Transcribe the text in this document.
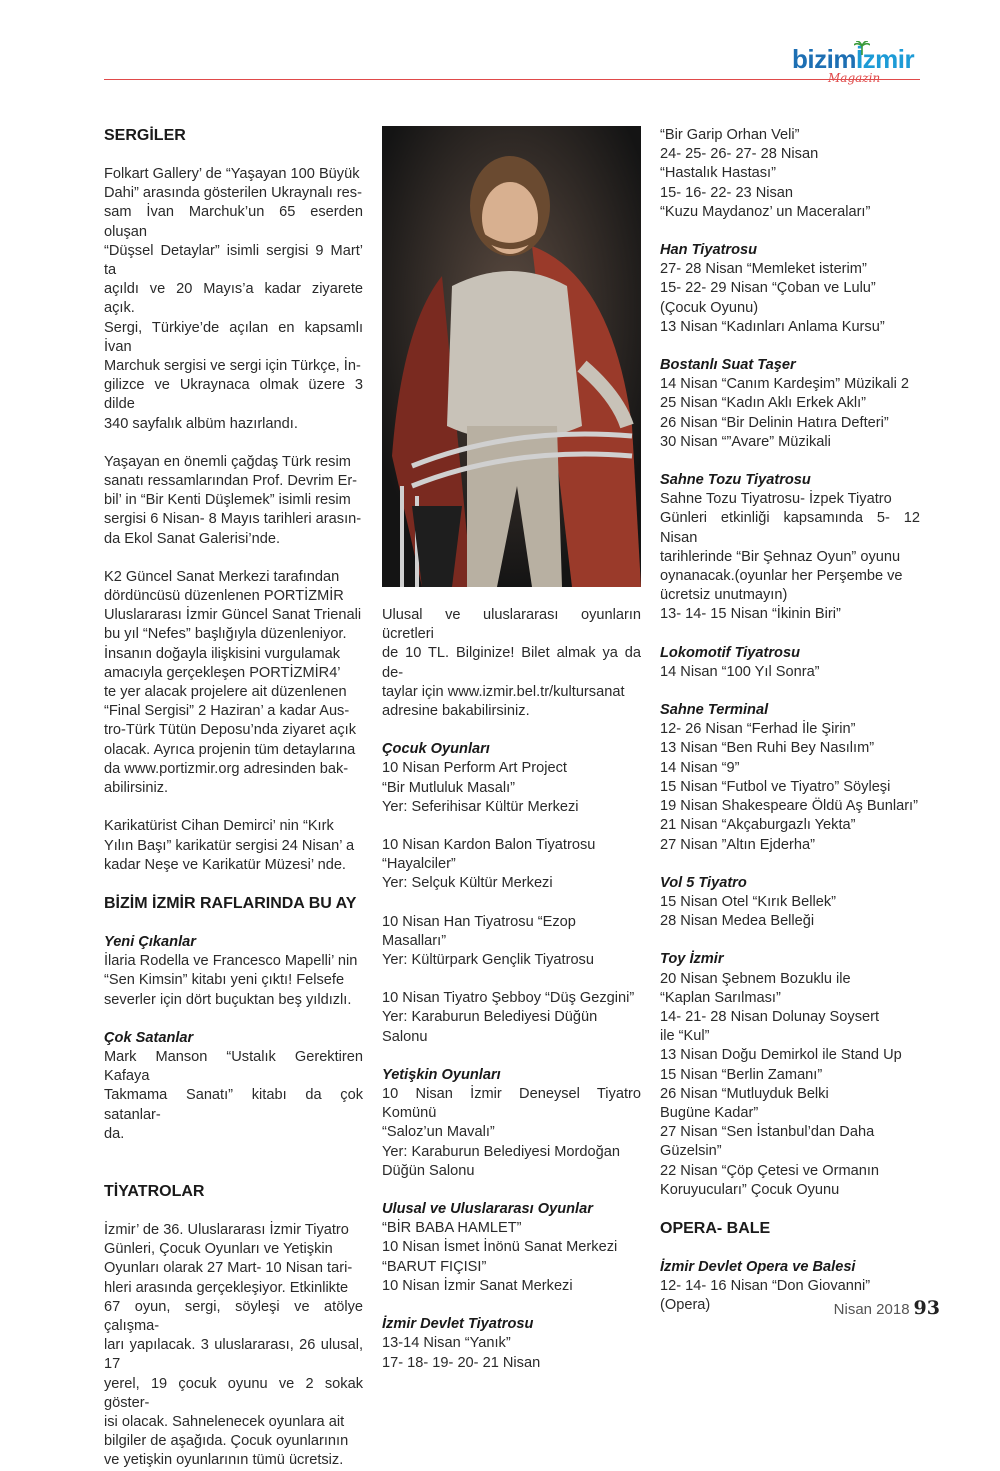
bizimİzmir
Magazin

SERGİLER

Folkart Gallery’ de “Yaşayan 100 Büyük
Dahi” arasında gösterilen Ukraynalı res-
sam İvan Marchuk’un 65 eserden oluşan
“Düşsel Detaylar” isimli sergisi 9 Mart’ ta
açıldı ve 20 Mayıs’a kadar ziyarete açık.
Sergi, Türkiye’de açılan en kapsamlı İvan
Marchuk sergisi ve sergi için Türkçe, İn-
gilizce ve Ukraynaca olmak üzere 3 dilde
340 sayfalık albüm hazırlandı.
Yaşayan en önemli çağdaş Türk resim
sanatı ressamlarından Prof. Devrim Er-
bil’ in “Bir Kenti Düşlemek” isimli resim
sergisi 6 Nisan- 8 Mayıs tarihleri arasın-
da Ekol Sanat Galerisi’nde.
K2 Güncel Sanat Merkezi tarafından
dördüncüsü düzenlenen PORTİZMİR
Uluslararası İzmir Güncel Sanat Trienali
bu yıl “Nefes” başlığıyla düzenleniyor.
İnsanın doğayla ilişkisini vurgulamak
amacıyla gerçekleşen PORTİZMİR4’
te yer alacak projelere ait düzenlenen
“Final Sergisi” 2 Haziran’ a kadar Aus-
tro-Türk Tütün Deposu’nda ziyaret açık
olacak. Ayrıca projenin tüm detaylarına
da www.portizmir.org adresinden bak-
abilirsiniz.
Karikatürist Cihan Demirci’ nin “Kırk
Yılın Başı” karikatür sergisi 24 Nisan’ a
kadar Neşe ve Karikatür Müzesi’ nde.

BİZİM İZMİR RAFLARINDA BU AY

Yeni Çıkanlar

İlaria Rodella ve Francesco Mapelli’ nin
“Sen Kimsin” kitabı yeni çıktı! Felsefe
severler için dört buçuktan beş yıldızlı.

Çok Satanlar

Mark Manson “Ustalık Gerektiren Kafaya
Takmama Sanatı” kitabı da çok satanlar-
da.

TİYATROLAR

İzmir’ de 36. Uluslararası İzmir Tiyatro
Günleri, Çocuk Oyunları ve Yetişkin
Oyunları olarak 27 Mart- 10 Nisan tari-
hleri arasında gerçekleşiyor. Etkinlikte
67 oyun, sergi, söyleşi ve atölye çalışma-
ları yapılacak. 3 uluslararası, 26 ulusal, 17
yerel, 19 çocuk oyunu ve 2 sokak göster-
isi olacak. Sahnelenecek oyunlara ait
bilgiler de aşağıda. Çocuk oyunlarının
ve yetişkin oyunlarının tümü ücretsiz.
Ulusal ve uluslararası oyunların ücretleri
de 10 TL. Bilginize! Bilet almak ya da de-
taylar için www.izmir.bel.tr/kultursanat
adresine bakabilirsiniz.

Çocuk Oyunları

10 Nisan Perform Art Project
“Bir Mutluluk Masalı”
Yer: Seferihisar Kültür Merkezi
10 Nisan Kardon Balon Tiyatrosu
“Hayalciler”
Yer: Selçuk Kültür Merkezi
10 Nisan Han Tiyatrosu “Ezop Masalları”
Yer: Kültürpark Gençlik Tiyatrosu
10 Nisan Tiyatro Şebboy “Düş Gezgini”
Yer: Karaburun Belediyesi Düğün Salonu

Yetişkin Oyunları

10 Nisan İzmir Deneysel Tiyatro Komünü
“Saloz’un Mavalı”
Yer: Karaburun Belediyesi Mordoğan
Düğün Salonu

Ulusal ve Uluslararası Oyunlar

“BİR BABA HAMLET”
10 Nisan İsmet İnönü Sanat Merkezi
“BARUT FIÇISI”
10 Nisan İzmir Sanat Merkezi

İzmir Devlet Tiyatrosu

13-14 Nisan “Yanık”
17- 18- 19- 20- 21 Nisan
“Bir Garip Orhan Veli”
24- 25- 26- 27- 28 Nisan
“Hastalık Hastası”
15- 16- 22- 23 Nisan
“Kuzu Maydanoz’ un Maceraları”

Han Tiyatrosu

27- 28 Nisan “Memleket isterim”
15- 22- 29 Nisan “Çoban ve Lulu”
(Çocuk Oyunu)
13 Nisan “Kadınları Anlama Kursu”

Bostanlı Suat Taşer

14 Nisan “Canım Kardeşim” Müzikali 2
25 Nisan “Kadın Aklı Erkek Aklı”
26 Nisan “Bir Delinin Hatıra Defteri”
30 Nisan “”Avare” Müzikali

Sahne Tozu Tiyatrosu

Sahne Tozu Tiyatrosu- İzpek Tiyatro
Günleri etkinliği kapsamında 5- 12 Nisan
tarihlerinde “Bir Şehnaz Oyun” oyunu
oynanacak.(oyunlar her Perşembe ve
ücretsiz unutmayın)
13- 14- 15 Nisan “İkinin Biri”

Lokomotif Tiyatrosu

14 Nisan “100 Yıl Sonra”

Sahne Terminal

12- 26 Nisan “Ferhad İle Şirin”
13 Nisan “Ben Ruhi Bey Nasılım”
14 Nisan “9”
15 Nisan “Futbol ve Tiyatro” Söyleşi
19 Nisan Shakespeare Öldü Aş Bunları”
21 Nisan “Akçaburgazlı Yekta”
27 Nisan ”Altın Ejderha”

Vol 5 Tiyatro

15 Nisan Otel “Kırık Bellek”
28 Nisan Medea Belleği

Toy İzmir

20 Nisan Şebnem Bozuklu ile
“Kaplan Sarılması”
14- 21- 28 Nisan Dolunay Soysert
ile “Kul”
13 Nisan Doğu Demirkol ile Stand Up
15 Nisan “Berlin Zamanı”
26 Nisan “Mutluyduk Belki
Bugüne Kadar”
27 Nisan “Sen İstanbul’dan Daha
Güzelsin”
22 Nisan “Çöp Çetesi ve Ormanın
Koruyucuları” Çocuk Oyunu

OPERA- BALE

İzmir Devlet Opera ve Balesi

12- 14- 16 Nisan “Don Giovanni” (Opera)	Nisan 2018 93
